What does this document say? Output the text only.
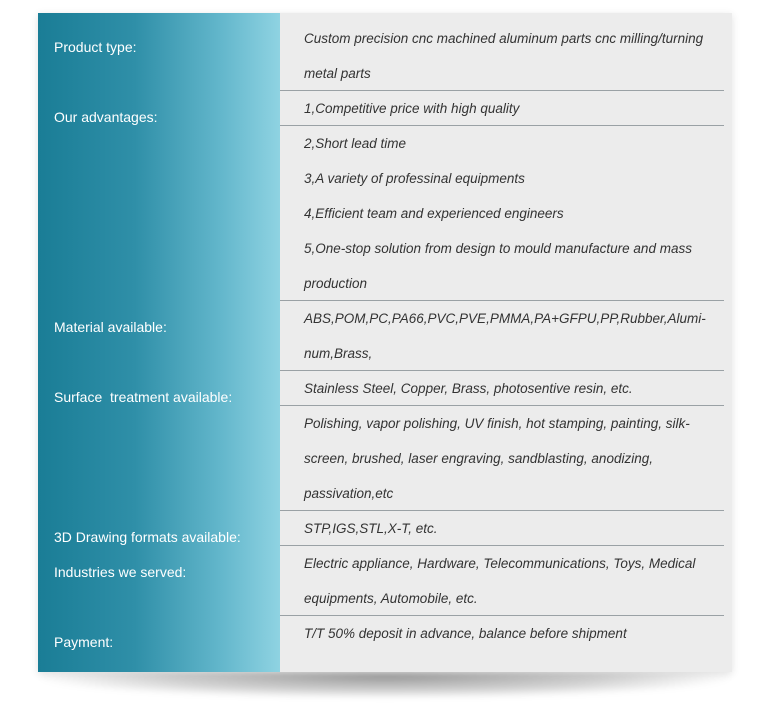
Product type:
Custom precision cnc machined aluminum parts cnc milling/turning
metal parts
Our advantages:
1,Competitive price with high quality
2,Short lead time
3,A variety of professinal equipments
4,Efficient team and experienced engineers
5,One-stop solution from design to mould manufacture and mass
production
Material available:
ABS,POM,PC,PA66,PVC,PVE,PMMA,PA+GFPU,PP,Rubber,Alumi-
num,Brass,
Surface  treatment available:
Stainless Steel, Copper, Brass, photosentive resin, etc.
Polishing, vapor polishing, UV finish, hot stamping, painting, silk-
screen, brushed, laser engraving, sandblasting, anodizing,
passivation,etc
3D Drawing formats available:
STP,IGS,STL,X-T, etc.
Industries we served:
Electric appliance, Hardware, Telecommunications, Toys, Medical
equipments, Automobile, etc.
Payment:
T/T 50% deposit in advance, balance before shipment
